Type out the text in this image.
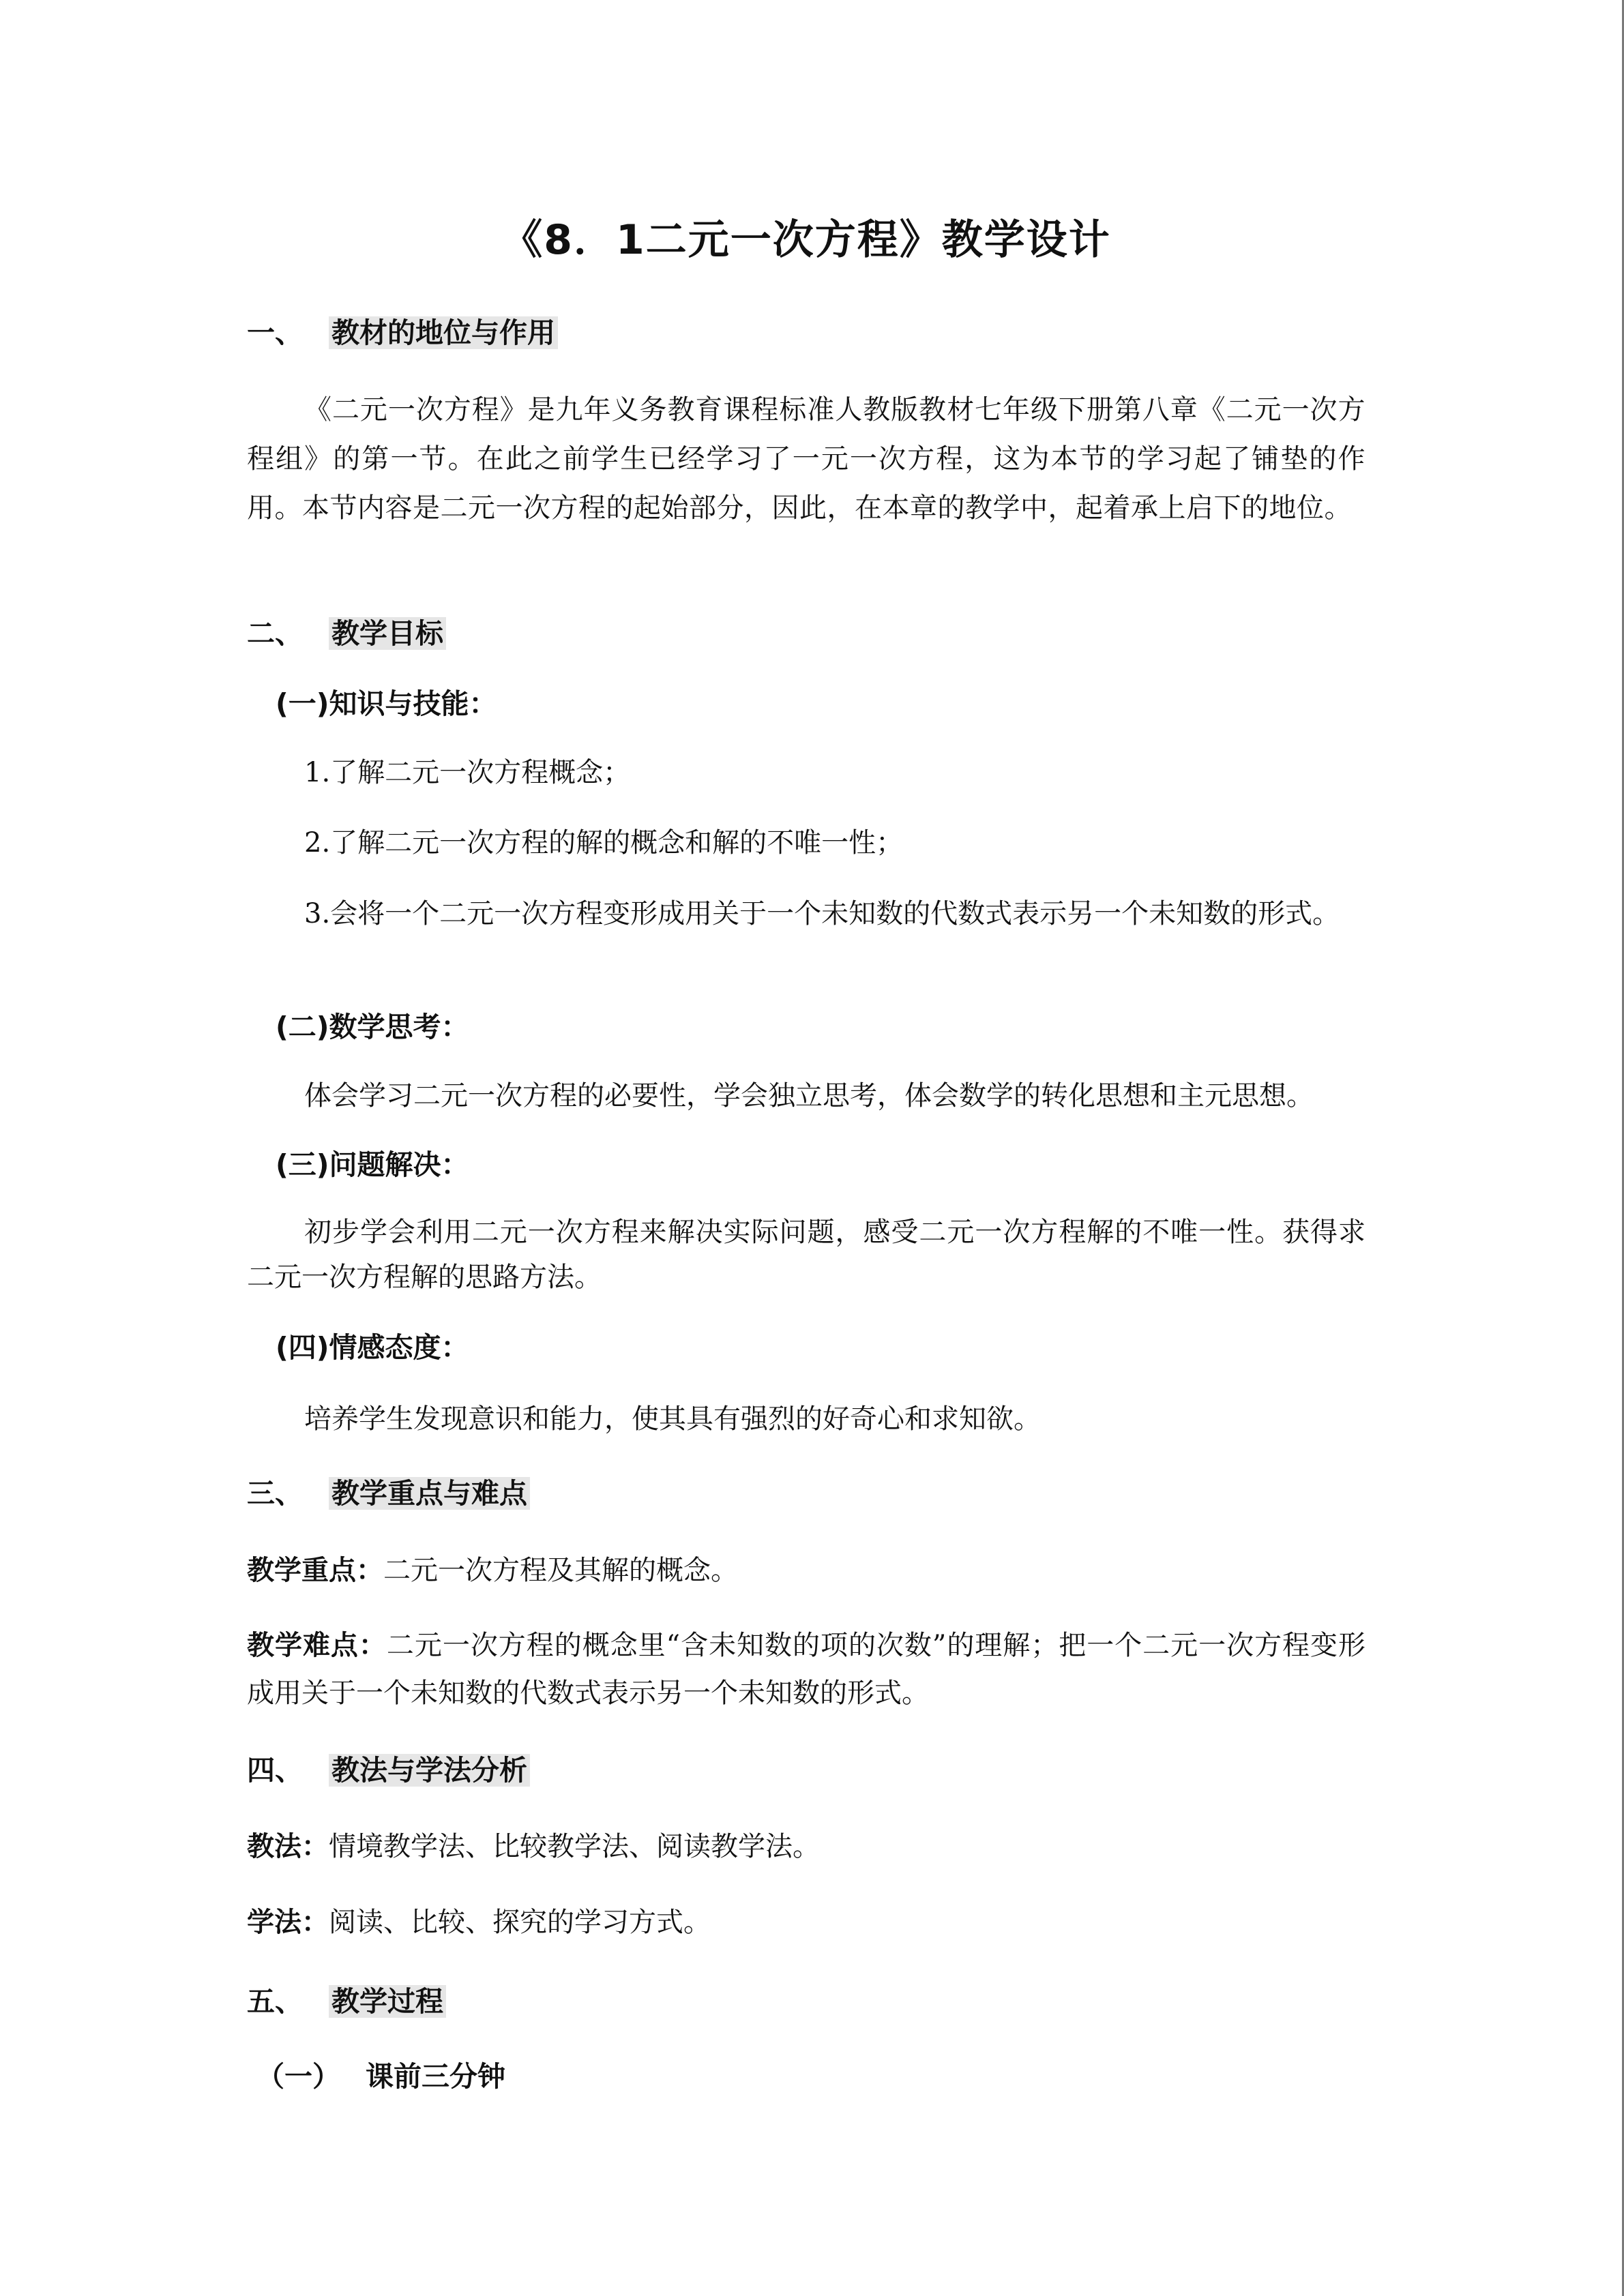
《8．1二元一次方程》教学设计
一、 教材的地位与作用

《二元一次方程》是九年义务教育课程标准人教版教材七年级下册第八章《二元一次方程组》的第一节。在此之前学生已经学习了一元一次方程，这为本节的学习起了铺垫的作用。本节内容是二元一次方程的起始部分，因此，在本章的教学中，起着承上启下的地位。

二、 教学目标
(一)知识与技能：

1.了解二元一次方程概念；

2.了解二元一次方程的解的概念和解的不唯一性；

3.会将一个二元一次方程变形成用关于一个未知数的代数式表示另一个未知数的形式。

(二)数学思考：

体会学习二元一次方程的必要性，学会独立思考，体会数学的转化思想和主元思想。

(三)问题解决：

初步学会利用二元一次方程来解决实际问题，感受二元一次方程解的不唯一性。获得求二元一次方程解的思路方法。

(四)情感态度：

培养学生发现意识和能力，使其具有强烈的好奇心和求知欲。

三、 教学重点与难点

教学重点：二元一次方程及其解的概念。

教学难点：二元一次方程的概念里“含未知数的项的次数”的理解；把一个二元一次方程变形成用关于一个未知数的代数式表示另一个未知数的形式。

四、 教法与学法分析

教法：情境教学法、比较教学法、阅读教学法。

学法：阅读、比较、探究的学习方式。

五、 教学过程
（一） 课前三分钟
